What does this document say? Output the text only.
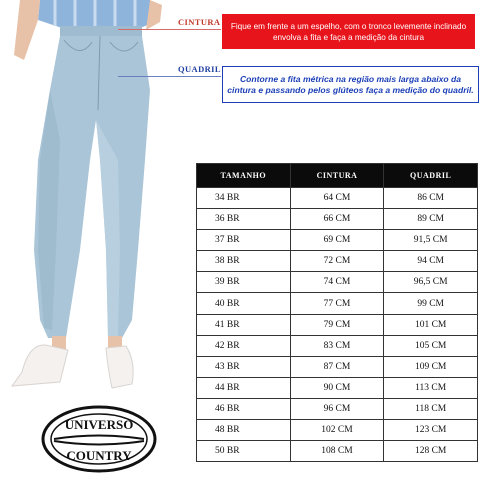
CINTURA	Fique em frente a um espelho, com o tronco levemente inclinado envolva a fita e faça a medição da cintura
QUADRIL
Contorne a fita métrica na região mais larga abaixo da cintura e passando pelos glúteos faça a medição do quadril.
TAMANHO	CINTURA	QUADRIL
34 BR	64 CM	86 CM
36 BR	66 CM	89 CM
37 BR	69 CM	91,5 CM
38 BR	72 CM	94 CM
39 BR	74 CM	96,5 CM
40 BR	77 CM	99 CM
41 BR	79 CM	101 CM
42 BR	83 CM	105 CM
43 BR	87 CM	109 CM
44 BR	90 CM	113 CM
46 BR	96 CM	118 CM
48 BR	102 CM	123 CM
50 BR	108 CM	128 CM
UNIVERSO
COUNTRY
